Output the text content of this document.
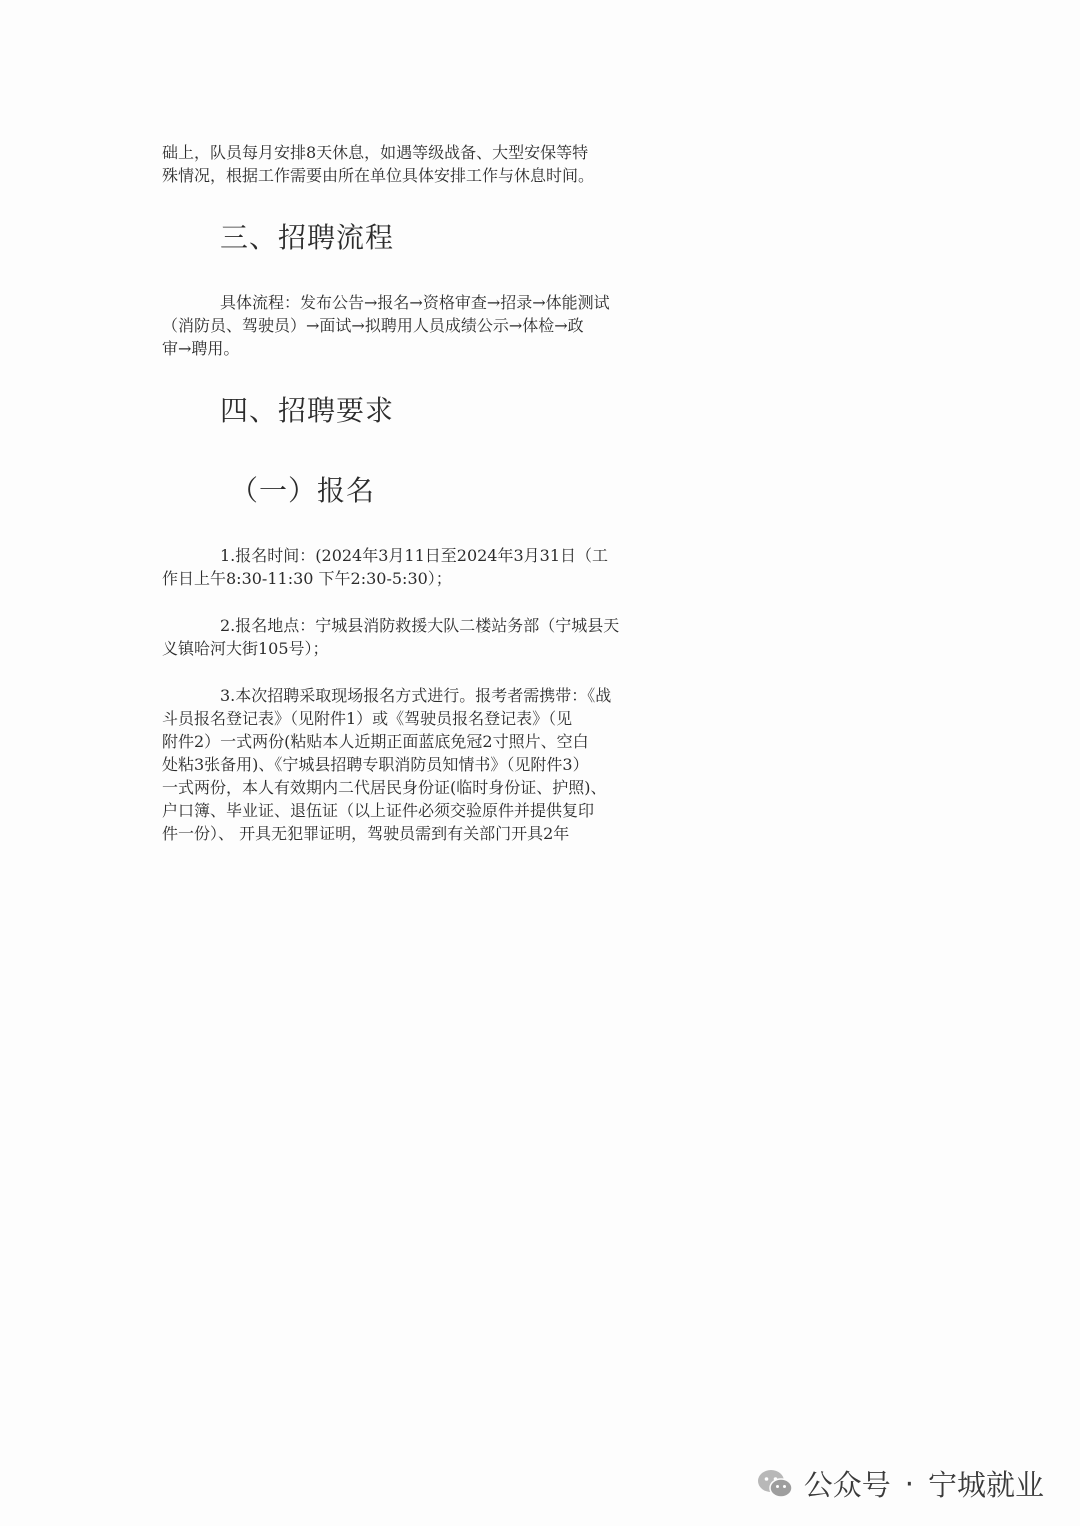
础上，队员每月安排8天休息，如遇等级战备、大型安保等特
殊情况，根据工作需要由所在单位具体安排工作与休息时间。

三、招聘流程

具体流程：发布公告→报名→资格审查→招录→体能测试
（消防员、驾驶员）→面试→拟聘用人员成绩公示→体检→政
审→聘用。

四、招聘要求

（一）报名

1.报名时间：(2024年3月11日至2024年3月31日（工
作日上午8:30-11:30 下午2:30-5:30）；
2.报名地点：宁城县消防救援大队二楼站务部（宁城县天
义镇哈河大街105号）；
3.本次招聘采取现场报名方式进行。报考者需携带：《战
斗员报名登记表》（见附件1）或《驾驶员报名登记表》（见
附件2）一式两份(粘贴本人近期正面蓝底免冠2寸照片、空白
处粘3张备用)、《宁城县招聘专职消防员知情书》（见附件3）
一式两份，本人有效期内二代居民身份证(临时身份证、护照)、
户口簿、毕业证、退伍证（以上证件必须交验原件并提供复印
件一份）、 开具无犯罪证明，驾驶员需到有关部门开具2年
公众号 · 宁城就业
